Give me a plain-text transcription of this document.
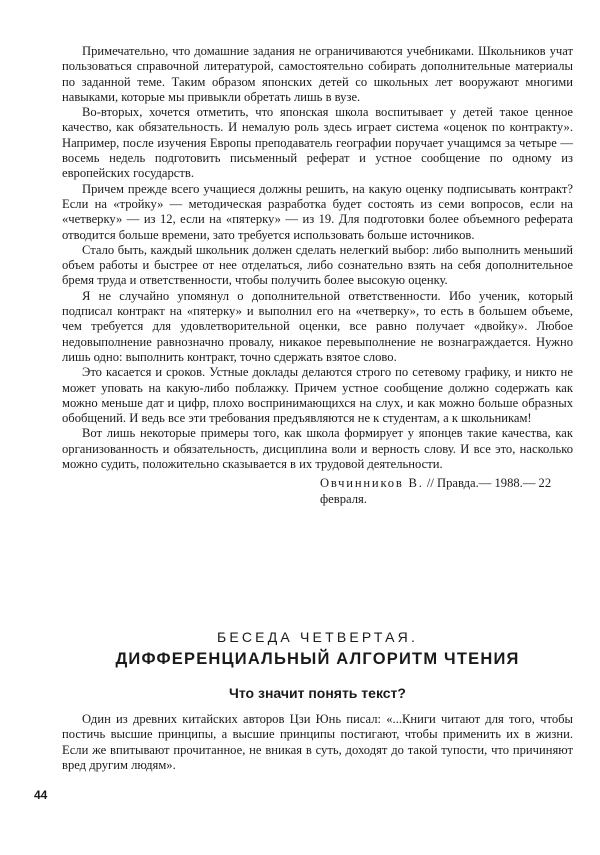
Примечательно, что домашние задания не ограничиваются учебниками. Школьников учат пользоваться справочной литературой, самостоятельно собирать дополнительные материалы по заданной теме. Таким образом японских детей со школьных лет вооружают многими навыками, которые мы привыкли обретать лишь в вузе.

Во-вторых, хочется отметить, что японская школа воспитывает у детей такое ценное качество, как обязательность. И немалую роль здесь играет система «оценок по контракту». Например, после изучения Европы преподаватель географии поручает учащимся за четыре — восемь недель подготовить письменный реферат и устное сообщение по одному из европейских государств.

Причем прежде всего учащиеся должны решить, на какую оценку подписывать контракт? Если на «тройку» — методическая разработка будет состоять из семи вопросов, если на «четверку» — из 12, если на «пятерку» — из 19. Для подготовки более объемного реферата отводится больше времени, зато требуется использовать больше источников.

Стало быть, каждый школьник должен сделать нелегкий выбор: либо выполнить меньший объем работы и быстрее от нее отделаться, либо сознательно взять на себя дополнительное бремя труда и ответственности, чтобы получить более высокую оценку.

Я не случайно упомянул о дополнительной ответственности. Ибо ученик, который подписал контракт на «пятерку» и выполнил его на «четверку», то есть в большем объеме, чем требуется для удовлетворительной оценки, все равно получает «двойку». Любое недовыполнение равнозначно провалу, никакое перевыполнение не вознаграждается. Нужно лишь одно: выполнить контракт, точно сдержать взятое слово.

Это касается и сроков. Устные доклады делаются строго по сетевому графику, и никто не может уповать на какую-либо поблажку. Причем устное сообщение должно содержать как можно меньше дат и цифр, плохо воспринимающихся на слух, и как можно больше образных обобщений. И ведь все эти требования предъявляются не к студентам, а к школьникам!

Вот лишь некоторые примеры того, как школа формирует у японцев такие качества, как организованность и обязательность, дисциплина воли и верность слову. И все это, насколько можно судить, положительно сказывается в их трудовой деятельности.

Овчинников В. // Правда.— 1988.— 22 февраля.

БЕСЕДА ЧЕТВЕРТАЯ.

ДИФФЕРЕНЦИАЛЬНЫЙ АЛГОРИТМ ЧТЕНИЯ

Что значит понять текст?

Один из древних китайских авторов Цзи Юнь писал: «...Книги читают для того, чтобы постичь высшие принципы, а высшие принципы постигают, чтобы применить их в жизни. Если же впитывают прочитанное, не вникая в суть, доходят до такой тупости, что причиняют вред другим людям».

44
